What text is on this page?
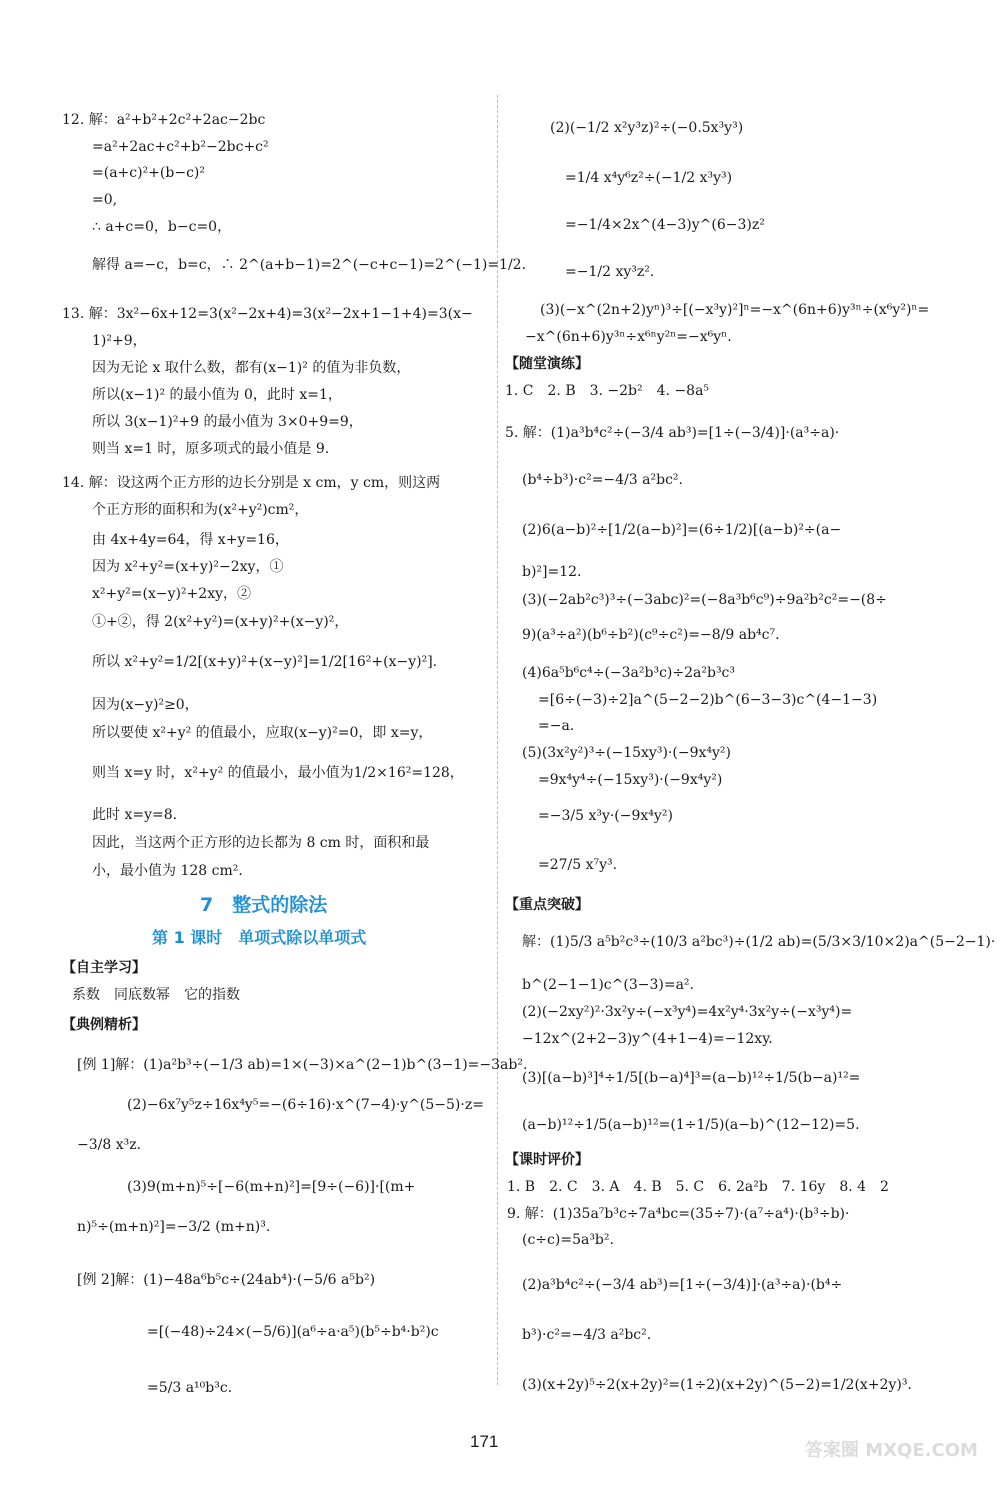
12. 解：a²+b²+2c²+2ac−2bc
=a²+2ac+c²+b²−2bc+c²
=(a+c)²+(b−c)²
=0,
∴ a+c=0，b−c=0，
解得 a=−c，b=c，∴ 2^(a+b−1)=2^(−c+c−1)=2^(−1)=1/2.
13. 解：3x²−6x+12=3(x²−2x+4)=3(x²−2x+1−1+4)=3(x−
1)²+9，
因为无论 x 取什么数，都有(x−1)² 的值为非负数，
所以(x−1)² 的最小值为 0，此时 x=1，
所以 3(x−1)²+9 的最小值为 3×0+9=9，
则当 x=1 时，原多项式的最小值是 9.
14. 解：设这两个正方形的边长分别是 x cm，y cm，则这两
个正方形的面积和为(x²+y²)cm²，
由 4x+4y=64，得 x+y=16，
因为 x²+y²=(x+y)²−2xy，①
x²+y²=(x−y)²+2xy，②
①+②，得 2(x²+y²)=(x+y)²+(x−y)²，
所以 x²+y²=1/2[(x+y)²+(x−y)²]=1/2[16²+(x−y)²].
因为(x−y)²≥0，
所以要使 x²+y² 的值最小，应取(x−y)²=0，即 x=y，
则当 x=y 时，x²+y² 的值最小，最小值为1/2×16²=128，
此时 x=y=8.
因此，当这两个正方形的边长都为 8 cm 时，面积和最
小，最小值为 128 cm².
7　整式的除法
第 1 课时　单项式除以单项式
【自主学习】
系数　同底数幂　它的指数
【典例精析】
[例 1]解：(1)a²b³÷(−1/3 ab)=1×(−3)×a^(2−1)b^(3−1)=−3ab².
(2)−6x⁷y⁵z÷16x⁴y⁵=−(6÷16)·x^(7−4)·y^(5−5)·z=
−3/8 x³z.
(3)9(m+n)⁵÷[−6(m+n)²]=[9÷(−6)]·[(m+
n)⁵÷(m+n)²]=−3/2 (m+n)³.
[例 2]解：(1)−48a⁶b⁵c÷(24ab⁴)·(−5/6 a⁵b²)
=[(−48)÷24×(−5/6)](a⁶÷a·a⁵)(b⁵÷b⁴·b²)c
=5/3 a¹⁰b³c.
(2)(−1/2 x²y³z)²÷(−0.5x³y³)
=1/4 x⁴y⁶z²÷(−1/2 x³y³)
=−1/4×2x^(4−3)y^(6−3)z²
=−1/2 xy³z².
(3)(−x^(2n+2)yⁿ)³÷[(−x³y)²]ⁿ=−x^(6n+6)y³ⁿ÷(x⁶y²)ⁿ=
−x^(6n+6)y³ⁿ÷x⁶ⁿy²ⁿ=−x⁶yⁿ.
【随堂演练】
1. C　2. B　3. −2b²　4. −8a⁵
5. 解：(1)a³b⁴c²÷(−3/4 ab³)=[1÷(−3/4)]·(a³÷a)·
(b⁴÷b³)·c²=−4/3 a²bc².
(2)6(a−b)²÷[1/2(a−b)²]=(6÷1/2)[(a−b)²÷(a−
b)²]=12.
(3)(−2ab²c³)³÷(−3abc)²=(−8a³b⁶c⁹)÷9a²b²c²=−(8÷
9)(a³÷a²)(b⁶÷b²)(c⁹÷c²)=−8/9 ab⁴c⁷.
(4)6a⁵b⁶c⁴÷(−3a²b³c)÷2a²b³c³
=[6÷(−3)÷2]a^(5−2−2)b^(6−3−3)c^(4−1−3)
=−a.
(5)(3x²y²)³÷(−15xy³)·(−9x⁴y²)
=9x⁴y⁴÷(−15xy³)·(−9x⁴y²)
=−3/5 x³y·(−9x⁴y²)
=27/5 x⁷y³.
【重点突破】
解：(1)5/3 a⁵b²c³÷(10/3 a²bc³)÷(1/2 ab)=(5/3×3/10×2)a^(5−2−1)·
b^(2−1−1)c^(3−3)=a².
(2)(−2xy²)²·3x²y÷(−x³y⁴)=4x²y⁴·3x²y÷(−x³y⁴)=
−12x^(2+2−3)y^(4+1−4)=−12xy.
(3)[(a−b)³]⁴÷1/5[(b−a)⁴]³=(a−b)¹²÷1/5(b−a)¹²=
(a−b)¹²÷1/5(a−b)¹²=(1÷1/5)(a−b)^(12−12)=5.
【课时评价】
1. B　2. C　3. A　4. B　5. C　6. 2a²b　7. 16y　8. 4　2
9. 解：(1)35a⁷b³c÷7a⁴bc=(35÷7)·(a⁷÷a⁴)·(b³÷b)·
(c÷c)=5a³b².
(2)a³b⁴c²÷(−3/4 ab³)=[1÷(−3/4)]·(a³÷a)·(b⁴÷
b³)·c²=−4/3 a²bc².
(3)(x+2y)⁵÷2(x+2y)²=(1÷2)(x+2y)^(5−2)=1/2(x+2y)³.
171	答案圈 MXQE.COM
